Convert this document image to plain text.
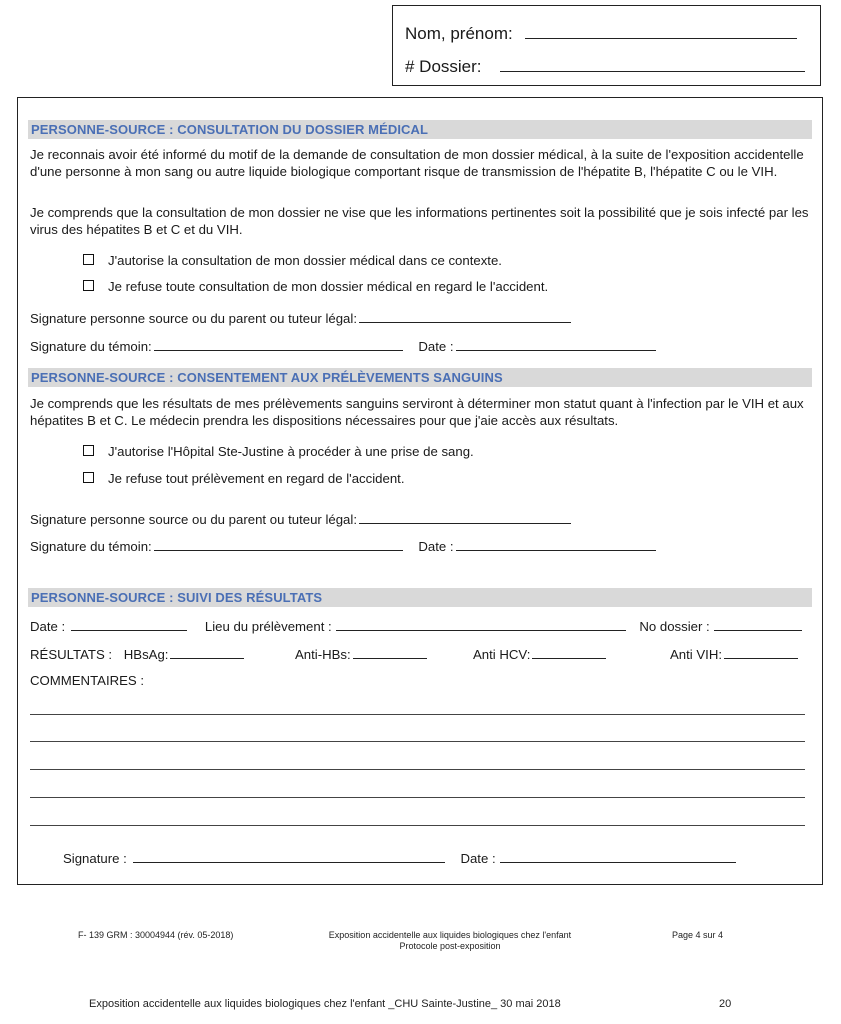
Nom, prénom:
# Dossier:
PERSONNE-SOURCE : CONSULTATION DU DOSSIER MÉDICAL
Je reconnais avoir été informé du motif de la demande de consultation de mon dossier médical, à la suite de l'exposition accidentelle d'une personne à mon sang ou autre liquide biologique comportant risque de transmission de l'hépatite B, l'hépatite C ou le VIH.
Je comprends que la consultation de mon dossier ne vise que les informations pertinentes soit la possibilité que je sois infecté par les virus des hépatites B et C et du VIH.
J'autorise la consultation de mon dossier médical dans ce contexte.
Je refuse toute consultation de mon dossier médical en regard le l'accident.
Signature personne source ou du parent ou tuteur légal:
Signature du témoin:	Date :
PERSONNE-SOURCE : CONSENTEMENT AUX PRÉLÈVEMENTS SANGUINS
Je comprends que les résultats de mes prélèvements sanguins serviront à déterminer mon statut quant à l'infection par le VIH et aux hépatites B et C. Le médecin prendra les dispositions nécessaires pour que j'aie accès aux résultats.
J'autorise l'Hôpital Ste-Justine à procéder à une prise de sang.
Je refuse tout prélèvement en regard de l'accident.
Signature personne source ou du parent ou tuteur légal:
Signature du témoin:	Date :
PERSONNE-SOURCE : SUIVI DES RÉSULTATS
Date :	Lieu du prélèvement :	No dossier :
RÉSULTATS : HBsAg:	Anti-HBs:	Anti HCV:	Anti VIH:
COMMENTAIRES :
Signature :	Date :
F- 139 GRM : 30004944 (rév. 05-2018)	Exposition accidentelle aux liquides biologiques chez l'enfant
Protocole post-exposition
Page 4 sur 4
Exposition accidentelle aux liquides biologiques chez l'enfant _CHU Sainte-Justine_ 30 mai 2018	20
